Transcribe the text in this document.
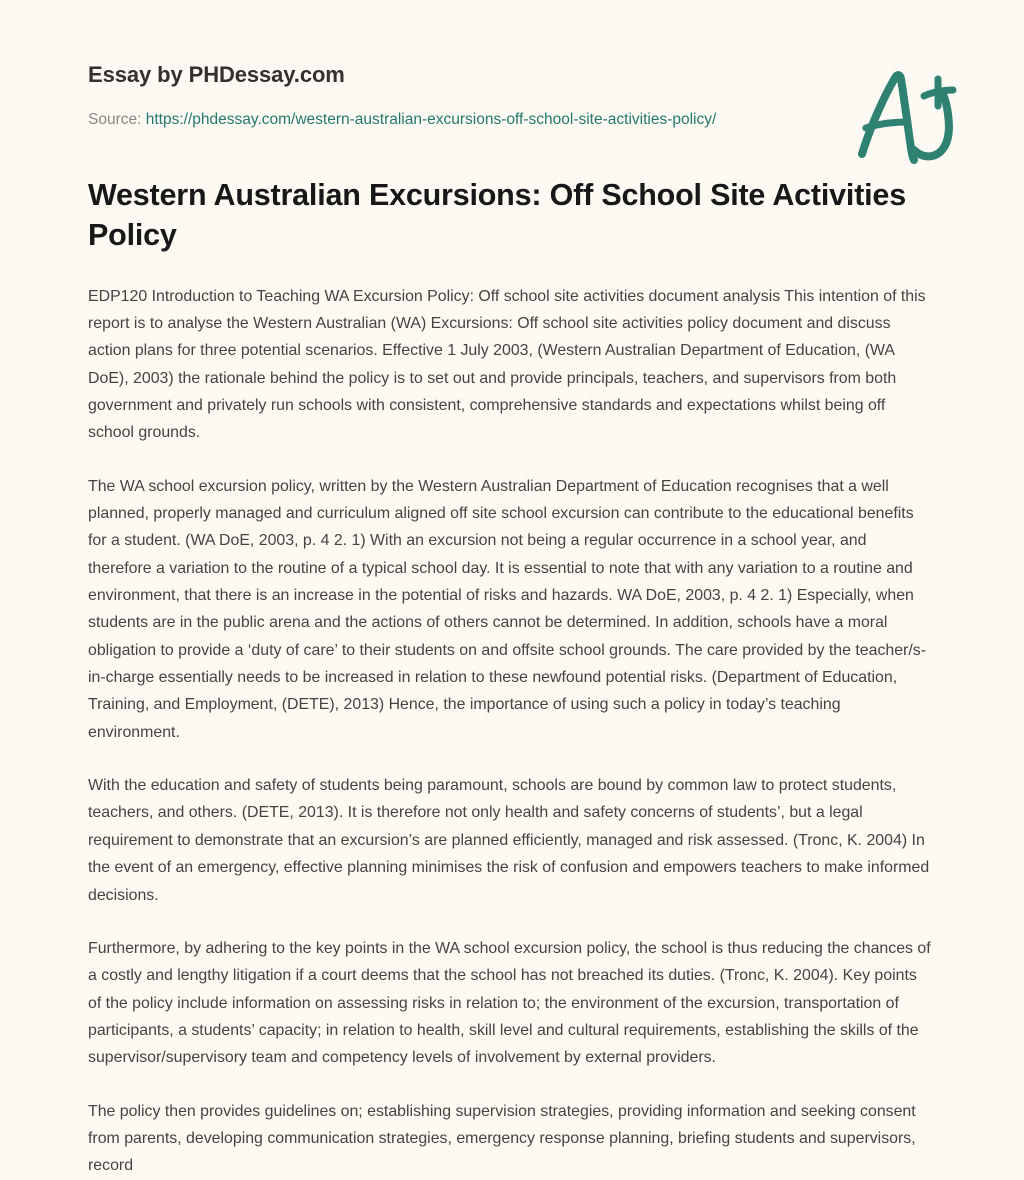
Essay by PHDessay.com
Source: https://phdessay.com/western-australian-excursions-off-school-site-activities-policy/
Western Australian Excursions: Off School Site Activities Policy

EDP120 Introduction to Teaching WA Excursion Policy: Off school site activities document analysis This intention of this report is to analyse the Western Australian (WA) Excursions: Off school site activities policy document and discuss action plans for three potential scenarios. Effective 1 July 2003, (Western Australian Department of Education, (WA DoE), 2003) the rationale behind the policy is to set out and provide principals, teachers, and supervisors from both government and privately run schools with consistent, comprehensive standards and expectations whilst being off school grounds.

The WA school excursion policy, written by the Western Australian Department of Education recognises that a well planned, properly managed and curriculum aligned off site school excursion can contribute to the educational benefits for a student. (WA DoE, 2003, p. 4 2. 1) With an excursion not being a regular occurrence in a school year, and therefore a variation to the routine of a typical school day. It is essential to note that with any variation to a routine and environment, that there is an increase in the potential of risks and hazards. WA DoE, 2003, p. 4 2. 1) Especially, when students are in the public arena and the actions of others cannot be determined. In addition, schools have a moral obligation to provide a ‘duty of care’ to their students on and offsite school grounds. The care provided by the teacher/s-in-charge essentially needs to be increased in relation to these newfound potential risks. (Department of Education, Training, and Employment, (DETE), 2013) Hence, the importance of using such a policy in today’s teaching environment.

With the education and safety of students being paramount, schools are bound by common law to protect students, teachers, and others. (DETE, 2013). It is therefore not only health and safety concerns of students’, but a legal requirement to demonstrate that an excursion’s are planned efficiently, managed and risk assessed. (Tronc, K. 2004) In the event of an emergency, effective planning minimises the risk of confusion and empowers teachers to make informed decisions.

Furthermore, by adhering to the key points in the WA school excursion policy, the school is thus reducing the chances of a costly and lengthy litigation if a court deems that the school has not breached its duties. (Tronc, K. 2004). Key points of the policy include information on assessing risks in relation to; the environment of the excursion, transportation of participants, a students’ capacity; in relation to health, skill level and cultural requirements, establishing the skills of the supervisor/supervisory team and competency levels of involvement by external providers.

The policy then provides guidelines on; establishing supervision strategies, providing information and seeking consent from parents, developing communication strategies, emergency response planning, briefing students and supervisors, record
